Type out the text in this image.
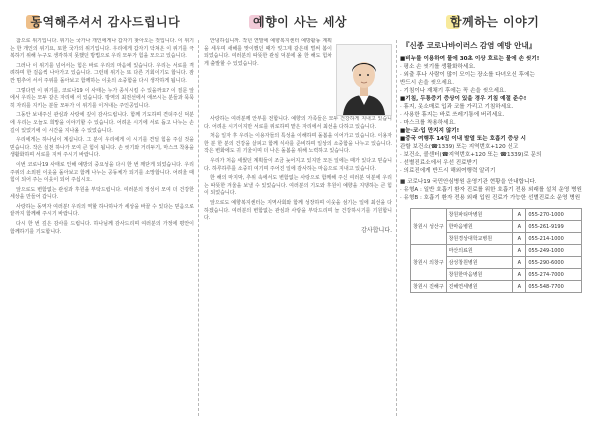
동역해주셔서 감사드립니다	예향이 사는 세상	함께하는 이야기

참으로 위기입니다. 위기는 국가나 개인에게나 갑자기 찾아오는 것입니다. 이 위기는 한 개인의 위기요, 또한 국가의 위기입니다. 우리에게 갑자기 닥쳐온 이 위기를 극복하기 위해 누구도 생각하지 못했던 방법으로 우리 모두가 힘을 모으고 있습니다.

그러나 이 위기를 넘어서는 힘은 바로 우리의 마음에 있습니다. 우리는 서로를 격려하며 한 걸음씩 나아가고 있습니다. 그런데 위기는 또 다른 기회이기도 합니다. 잠깐 멈추어 서서 주위를 돌아보고 함께하는 이웃의 소중함을 다시 생각하게 됩니다.

그렇다면 이 위기를, 코로나19 이 사태는 누가 종식시킬 수 있을까요? 이 질문 앞에서 우리는 모두 같은 자리에 서 있습니다. 방역의 최전선에서 애쓰시는 분들과 묵묵히 자리를 지키는 분들 모두가 이 위기를 이겨내는 주인공입니다.

그동안 보내주신 관심과 사랑에 깊이 감사드립니다. 함께 기도하며 견뎌주신 덕분에 우리는 오늘도 희망을 이야기할 수 있습니다. 어려운 시기에 서로 돕고 나누는 손길이 있었기에 이 시간을 지나올 수 있었습니다.

우리에게는 하나님이 계십니다. 그 분이 우리에게 이 시기를 견딜 힘을 주실 것을 믿습니다. 작은 실천 하나가 모여 큰 힘이 됩니다. 손 씻기와 거리두기, 마스크 착용을 생활화하며 서로를 지켜 주시기 바랍니다.

이번 코로나19 사태로 인해 예방의 중요성을 다시 한 번 깨닫게 되었습니다. 우리 주위의 소외된 이웃을 돌아보고 함께 나누는 공동체가 되기를 소망합니다. 어려울 때 힘이 되어 주는 이웃이 되어 주십시오.

앞으로도 변함없는 관심과 후원을 부탁드립니다. 여러분의 정성이 모여 더 건강한 세상을 만들어 갑니다.

사랑하는 동역자 여러분! 우리의 역할 하나하나가 세상을 바꿀 수 있다는 믿음으로 끝까지 함께해 주시기 바랍니다.

다시 한 번 깊은 감사를 드립니다. 하나님께 감사드리며 여러분의 가정에 평안이 함께하기를 기도합니다.

안녕하십니까. 작년 연말에 예향복지센터 예방활동 계획을 세우며 새해를 맞이했던 때가 엊그제 같은데 벌써 봄이 되었습니다. 여러분의 따뜻한 관심 덕분에 올 한 해도 힘차게 출발할 수 있었습니다.

사랑하는 여러분께 안부를 전합니다. 예향의 가족들은 모두 건강하게 지내고 있습니다. 어려운 시기이지만 서로를 위로하며 맡은 자리에서 최선을 다하고 있습니다.

처음 일자 후 우리는 이용자들의 특성을 이해하며 돌봄을 이어가고 있습니다. 이용자 한 분 한 분의 건강을 살피고 함께 식사를 준비하며 일상의 소중함을 나누고 있습니다. 작은 변화에도 귀 기울이며 더 나은 돌봄을 위해 노력하고 있습니다.

우리가 처음 세웠던 계획들이 조금 늦어지고 있지만 모든 일에는 때가 있다고 믿습니다. 하루하루를 소중히 여기며 주어진 일에 감사하는 마음으로 지내고 있습니다.

한 해의 마지막, 추위 속에서도 변함없는 사랑으로 함께해 주신 여러분 덕분에 우리는 따뜻한 겨울을 보낼 수 있었습니다. 여러분의 기도와 후원이 예향을 지탱하는 큰 힘이 되었습니다.

앞으로도 예향복지센터는 지역사회와 함께 성장하며 이웃을 섬기는 일에 최선을 다하겠습니다. 여러분의 변함없는 관심과 사랑을 부탁드리며 늘 건강하시기를 기원합니다.

감사합니다.
『신종 코로나바이러스 감염 예방 안내』
■비누를 이용하여 물에 30초 이상 흐르는 물에 손 씻기!
· 평소 손 씻기를 생활화하세요.
· 외출 후나 사람이 많이 모이는 장소를 다녀오신 후에는
반드시 손을 씻으세요.
· 기침이나 재채기 후에는 꼭 손을 씻으세요.
■기침, 두통증기 증상이 있을 경우 기침 예절 준수!
· 휴지, 옷소매로 입과 코를 가리고 기침하세요.
· 사용한 휴지는 바로 쓰레기통에 버리세요.
· 마스크를 착용하세요.
■눈·코·입 만지지 않기!
■중국 여행후 14일 이내 발열 또는 호흡기 증상 시
관할 보건소(☎1339) 또는 지역번호+120 신고
· 보건소, 콜센터(☎지역번호+120 또는 ☎1339)로 문의
· 선별진료소에서 우선 진료받기
· 의료진에게 반드시 해외여행력 알리기
■ 코로나19 국민안심병원 운영기관 현황을 안내합니다.
· 유형A : 일반 호흡기 환자 진료를 위한 호흡기 전용 외래를 설치 운영 병원
· 유형B : 호흡기 환자 전용 외래 입원 진료가 가능한 선별진료소 운영 병원
창원시 성산구	창원파티마병원	A	055-270-1000
	한마음병원	A	055-261-9199
	창원경상대학교병원	A	055-214-1000
창원시 의창구	마산의료원	A	055-249-1000
	삼성창원병원	A	055-290-6000
	창원한마음병원	A	055-274-7000
창원시 진해구	진해연세병원	A	055-548-7700
